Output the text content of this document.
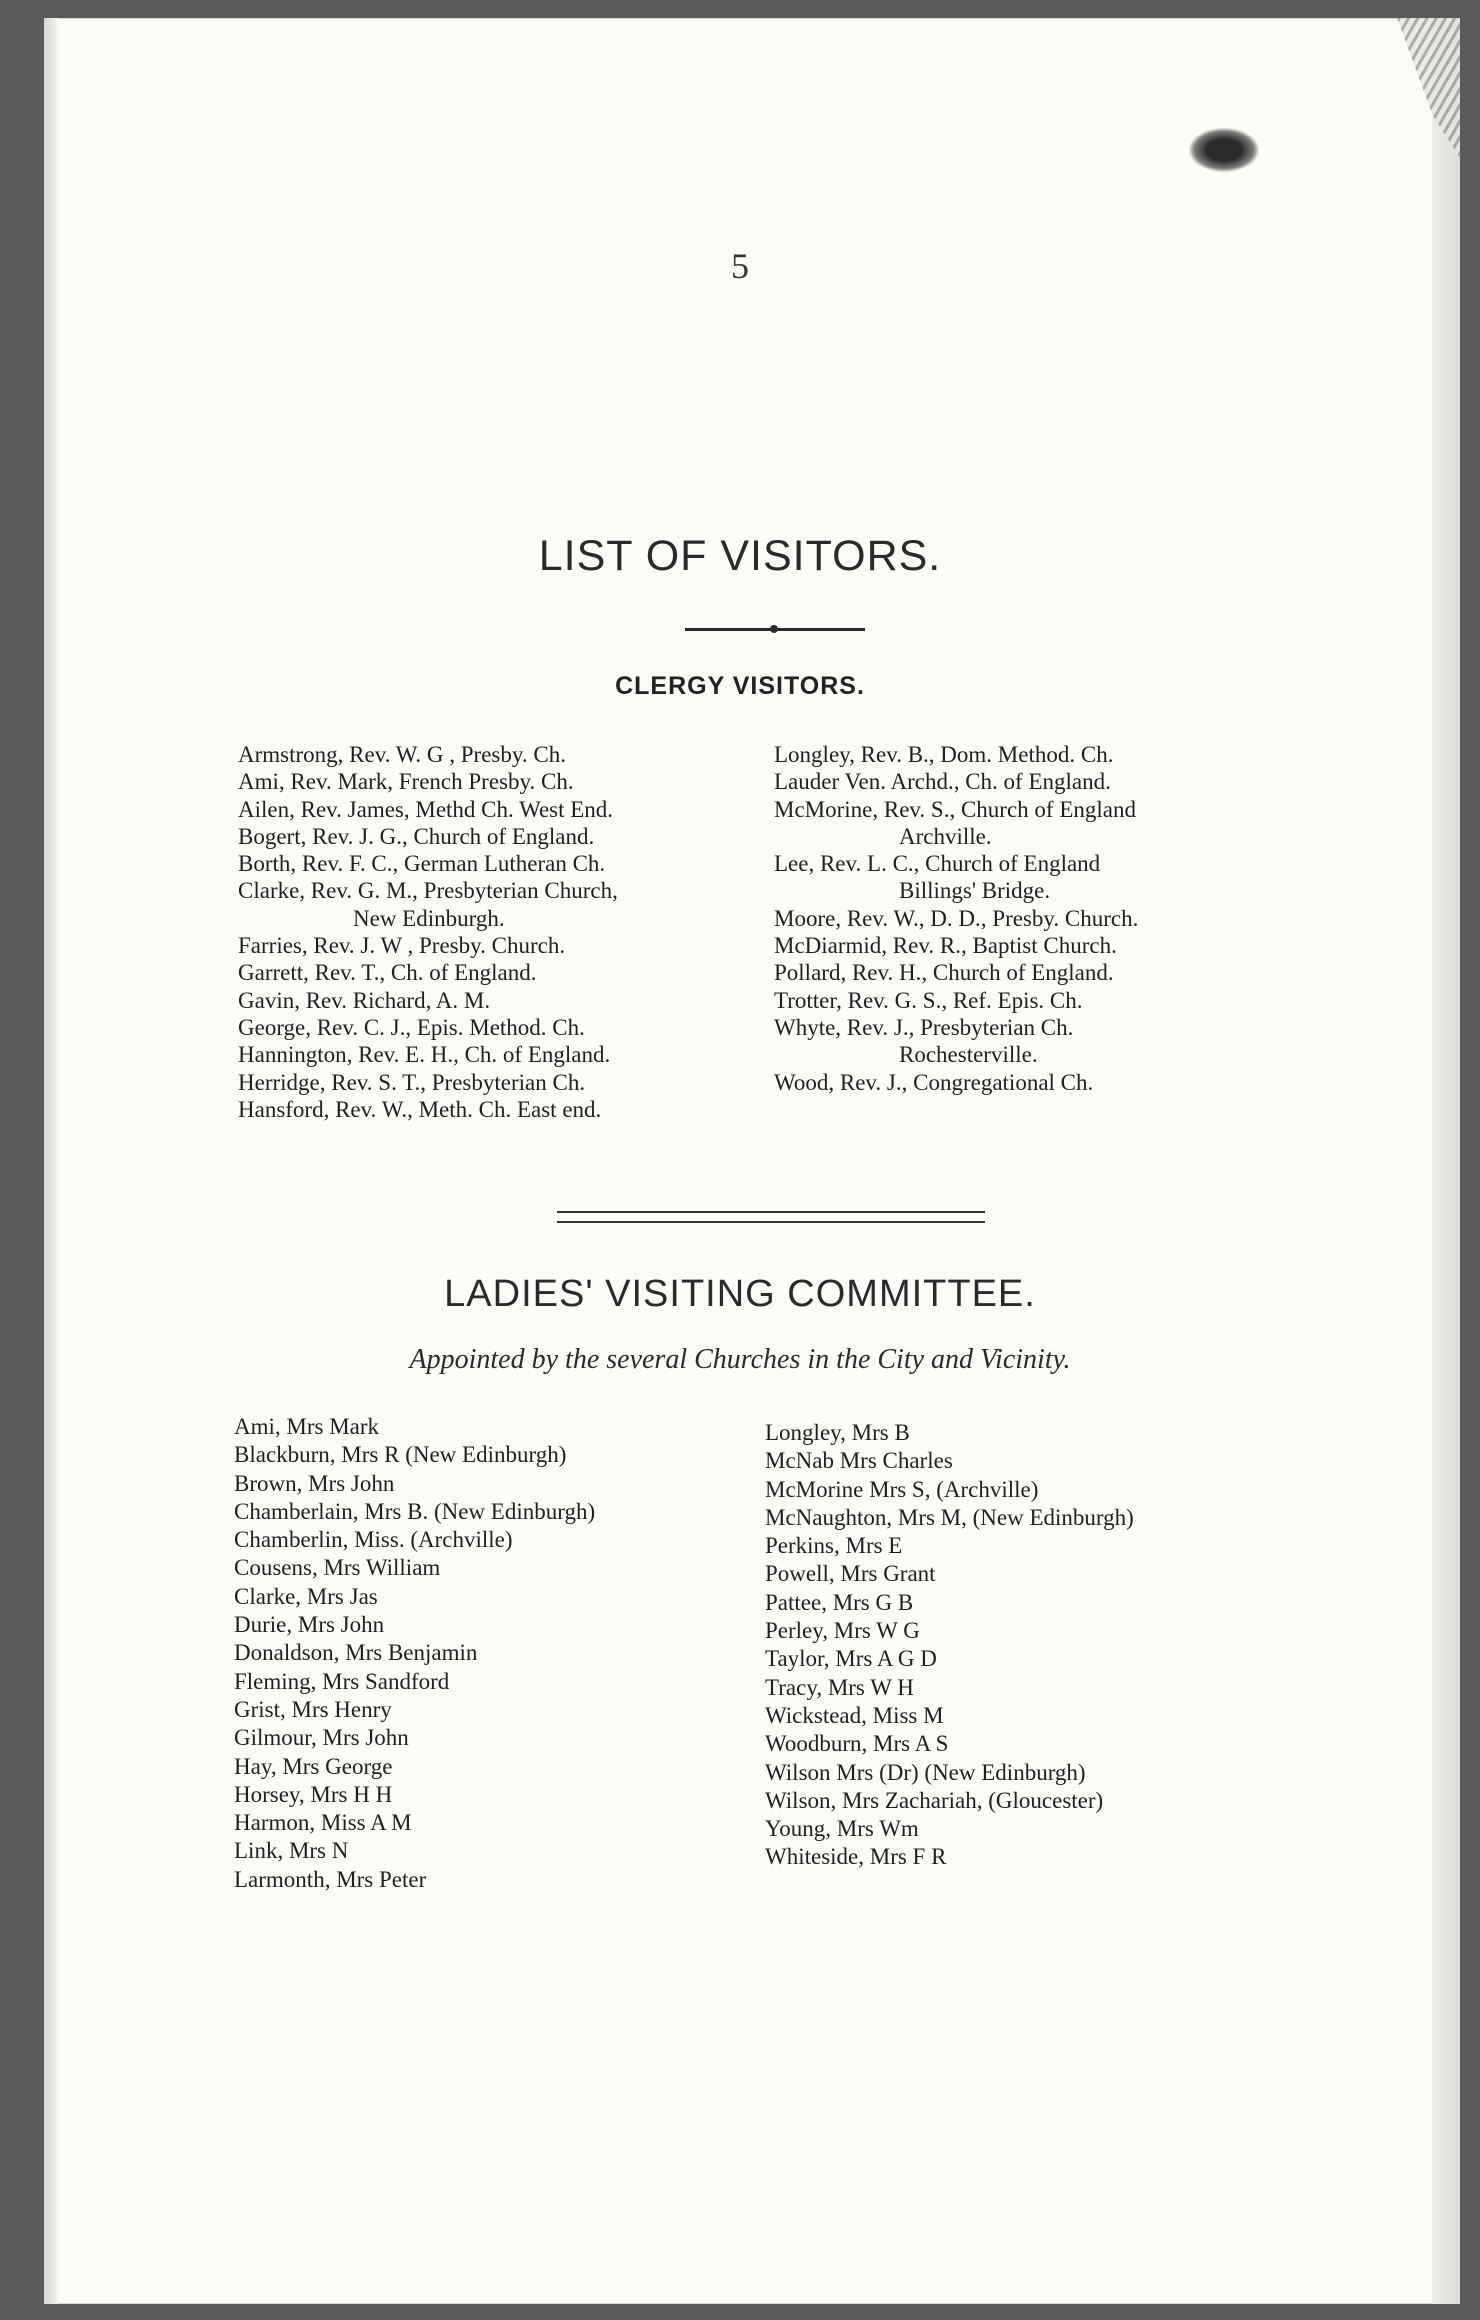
5
LIST OF VISITORS.
CLERGY VISITORS.
Armstrong, Rev. W. G , Presby. Ch.
Ami, Rev. Mark, French Presby. Ch.
Ailen, Rev. James, Methd Ch. West End.
Bogert, Rev. J. G., Church of England.
Borth, Rev. F. C., German Lutheran Ch.
Clarke, Rev. G. M., Presbyterian Church,
New Edinburgh.
Farries, Rev. J. W , Presby. Church.
Garrett, Rev. T., Ch. of England.
Gavin, Rev. Richard, A. M.
George, Rev. C. J., Epis. Method. Ch.
Hannington, Rev. E. H., Ch. of England.
Herridge, Rev. S. T., Presbyterian Ch.
Hansford, Rev. W., Meth. Ch. East end.
Longley, Rev. B., Dom. Method. Ch.
Lauder Ven. Archd., Ch. of England.
McMorine, Rev. S., Church of England
Archville.
Lee, Rev. L. C., Church of England
Billings' Bridge.
Moore, Rev. W., D. D., Presby. Church.
McDiarmid, Rev. R., Baptist Church.
Pollard, Rev. H., Church of England.
Trotter, Rev. G. S., Ref. Epis. Ch.
Whyte, Rev. J., Presbyterian Ch.
Rochesterville.
Wood, Rev. J., Congregational Ch.
LADIES' VISITING COMMITTEE.
Appointed by the several Churches in the City and Vicinity.
Ami, Mrs Mark
Blackburn, Mrs R (New Edinburgh)
Brown, Mrs John
Chamberlain, Mrs B. (New Edinburgh)
Chamberlin, Miss. (Archville)
Cousens, Mrs William
Clarke, Mrs Jas
Durie, Mrs John
Donaldson, Mrs Benjamin
Fleming, Mrs Sandford
Grist, Mrs Henry
Gilmour, Mrs John
Hay, Mrs George
Horsey, Mrs H H
Harmon, Miss A M
Link, Mrs N
Larmonth, Mrs Peter
Longley, Mrs B
McNab Mrs Charles
McMorine Mrs S, (Archville)
McNaughton, Mrs M, (New Edinburgh)
Perkins, Mrs E
Powell, Mrs Grant
Pattee, Mrs G B
Perley, Mrs W G
Taylor, Mrs A G D
Tracy, Mrs W H
Wickstead, Miss M
Woodburn, Mrs A S
Wilson Mrs (Dr) (New Edinburgh)
Wilson, Mrs Zachariah, (Gloucester)
Young, Mrs Wm
Whiteside, Mrs F R
